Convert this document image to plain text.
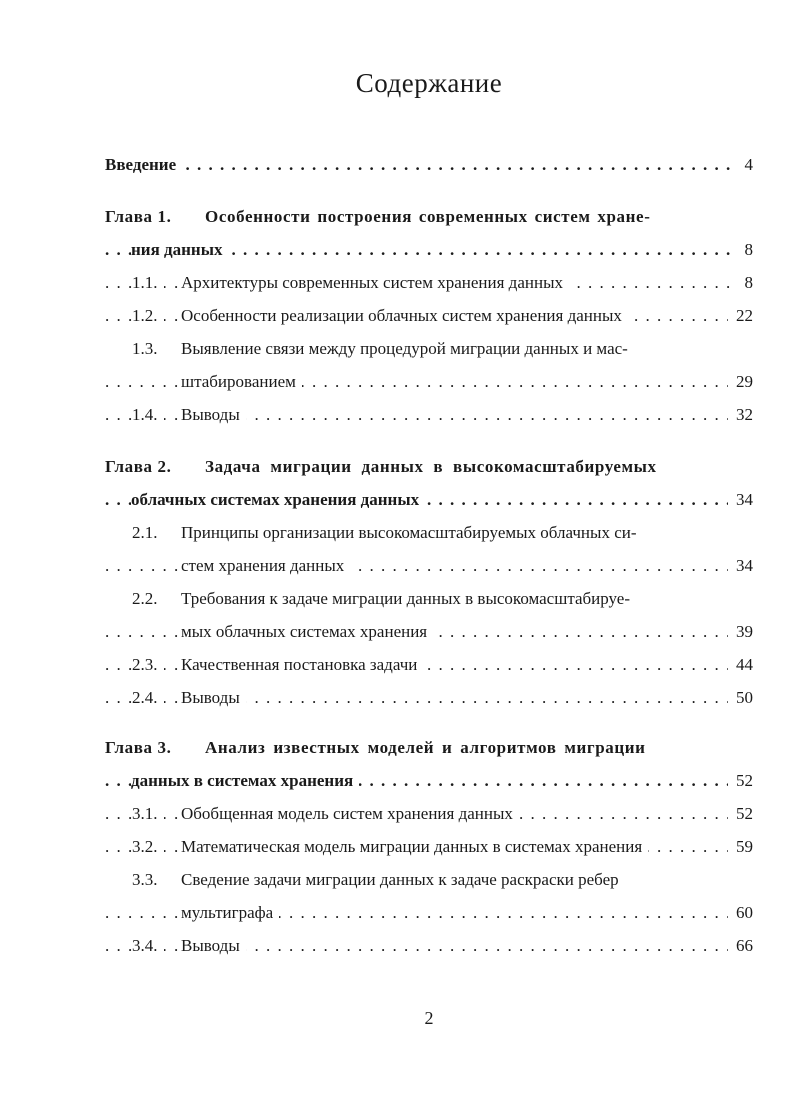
Содержание
. . .
Введение	4
Глава 1.	Особенности построения современных систем хране-
. . .
ния данных	8
. . .
1.1.	Архитектуры современных систем хранения данных	8
. . .
1.2.	Особенности реализации облачных систем хранения данных	22
1.3.	Выявление связи между процедурой миграции данных и мас-
. . .
штабированием	29
. . .
1.4.	Выводы	32
Глава 2.	Задача миграции данных в высокомасштабируемых
. . .
облачных системах хранения данных	34
2.1.	Принципы организации высокомасштабируемых облачных си-
. . .
стем хранения данных	34
2.2.	Требования к задаче миграции данных в высокомасштабируе-
. . .
мых облачных системах хранения	39
. . .
2.3.	Качественная постановка задачи	44
. . .
2.4.	Выводы	50
Глава 3.	Анализ известных моделей и алгоритмов миграции
. . .
данных в системах хранения	52
. . .
3.1.	Обобщенная модель систем хранения данных	52
. . .
3.2.	Математическая модель миграции данных в системах хранения	59
3.3.	Сведение задачи миграции данных к задаче раскраски ребер
. . .
мультиграфа	60
. . .
3.4.	Выводы	66
2
